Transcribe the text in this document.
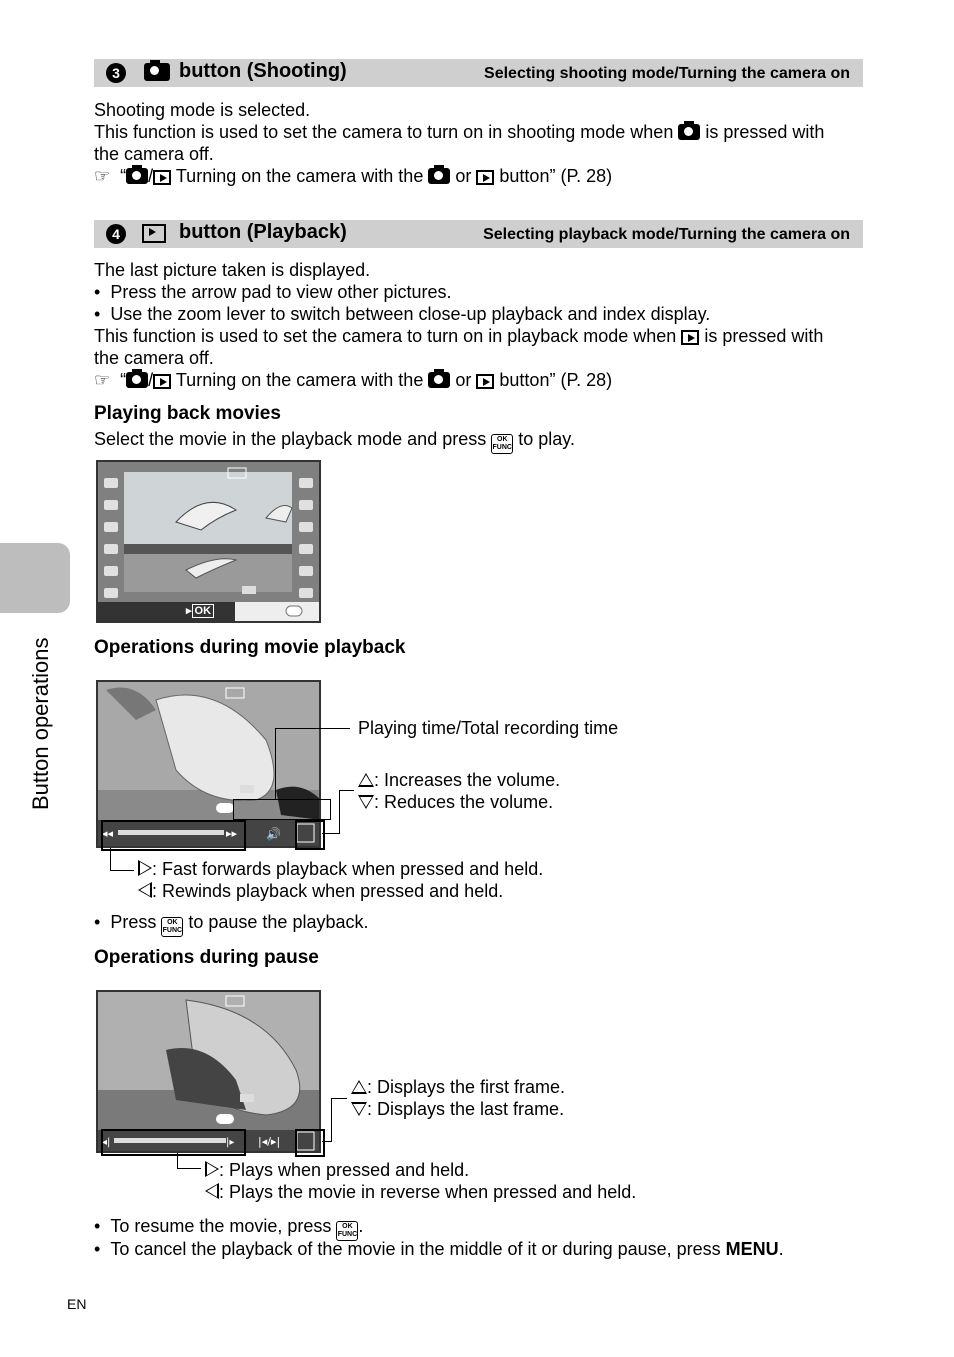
Button operations
3	button (Shooting)	Selecting shooting mode/Turning the camera on
Shooting mode is selected.
This function is used to set the camera to turn on in shooting mode when is pressed with
the camera off.
☞ “ / Turning on the camera with the or button” (P. 28)
4	button (Playback)	Selecting playback mode/Turning the camera on
The last picture taken is displayed.
•  Press the arrow pad to view other pictures.
•  Use the zoom lever to switch between close-up playback and index display.
This function is used to set the camera to turn on in playback mode when is pressed with
the camera off.
☞ “ / Turning on the camera with the or button” (P. 28)
Playing back movies
Select the movie in the playback mode and press OK
FUNC to play.
▸ OK
Operations during movie playback
◂◂	▸▸ 🔊
Playing time/Total recording time
: Increases the volume.
: Reduces the volume.
: Fast forwards playback when pressed and held.
: Rewinds playback when pressed and held.
•  Press OK
FUNC to pause the playback.
Operations during pause
◂|	|▸ |◂/▸|
: Displays the first frame.
: Displays the last frame.
: Plays when pressed and held.
: Plays the movie in reverse when pressed and held.
•  To resume the movie, press OK
FUNC.
•  To cancel the playback of the movie in the middle of it or during pause, press MENU.
EN
